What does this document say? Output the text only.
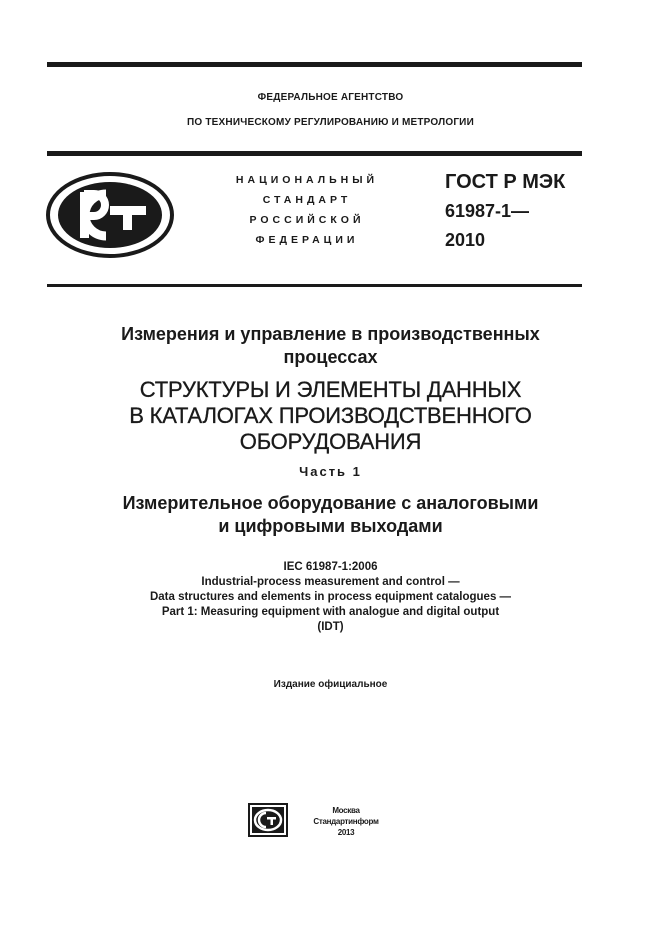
ФЕДЕРАЛЬНОЕ АГЕНТСТВО
ПО ТЕХНИЧЕСКОМУ РЕГУЛИРОВАНИЮ И МЕТРОЛОГИИ
НАЦИОНАЛЬНЫЙ
СТАНДАРТ
РОССИЙСКОЙ
ФЕДЕРАЦИИ
ГОСТ Р МЭК
61987-1—
2010
Измерения и управление в производственных
процессах
СТРУКТУРЫ И ЭЛЕМЕНТЫ ДАННЫХ
В КАТАЛОГАХ ПРОИЗВОДСТВЕННОГО
ОБОРУДОВАНИЯ
Часть 1
Измерительное оборудование с аналоговыми
и цифровыми выходами
IEC 61987-1:2006
Industrial-process measurement and control —
Data structures and elements in process equipment catalogues —
Part 1: Measuring equipment with analogue and digital output
(IDT)
Издание официальное
Москва
Стандартинформ
2013
